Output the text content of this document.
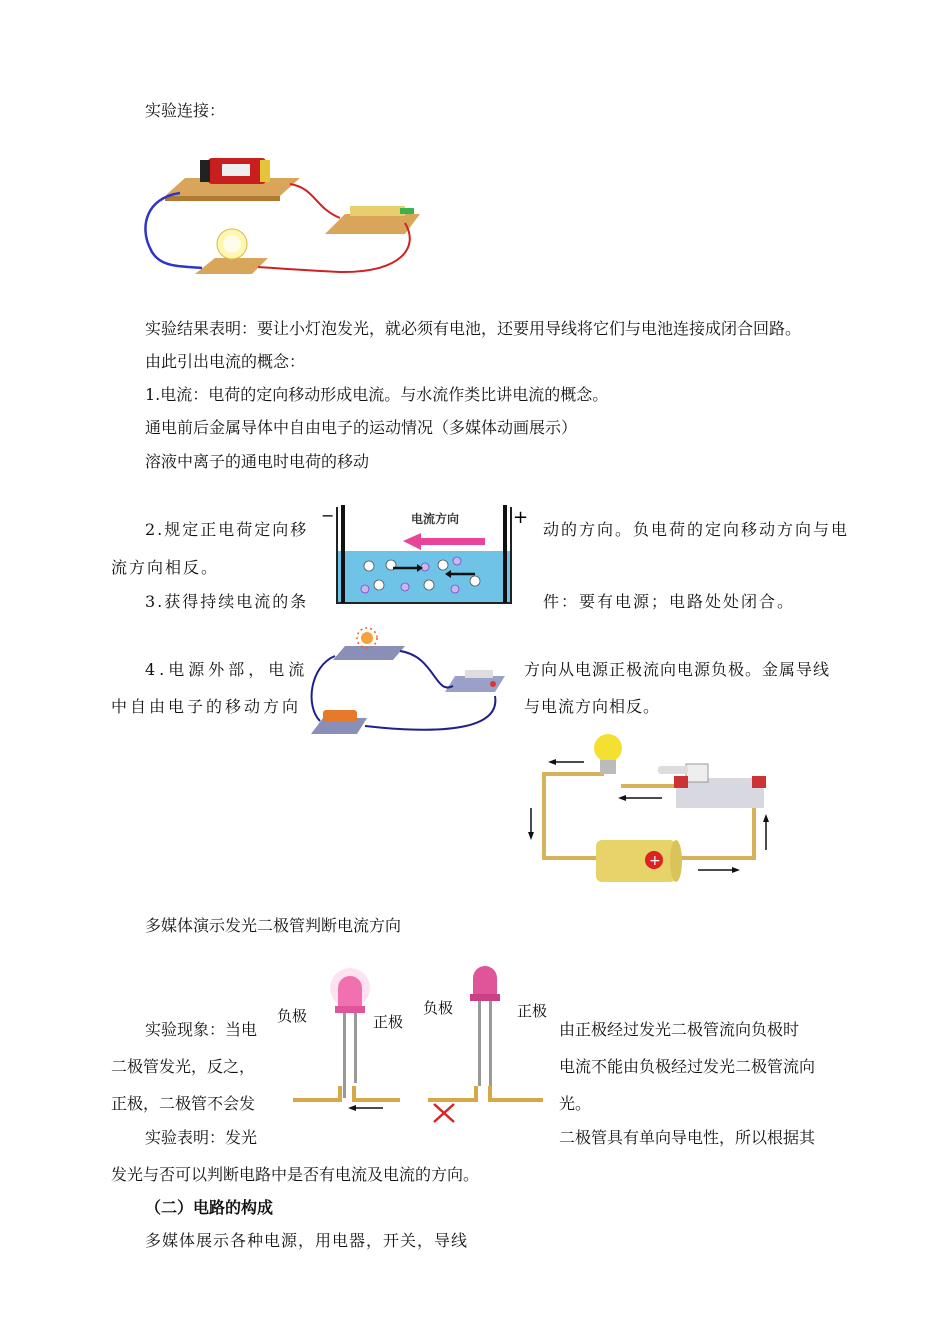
实验连接：
实验结果表明：要让小灯泡发光，就必须有电池，还要用导线将它们与电池连接成闭合回路。
由此引出电流的概念：
1.电流：电荷的定向移动形成电流。与水流作类比讲电流的概念。
通电前后金属导体中自由电子的运动情况（多媒体动画展示）
溶液中离子的通电时电荷的移动
−	+
电流方向
2.规定正电荷定向移	动的方向。负电荷的定向移动方向与电
流方向相反。
3.获得持续电流的条	件：要有电源；电路处处闭合。
4.电源外部，电流	方向从电源正极流向电源负极。金属导线
中自由电子的移动方向	与电流方向相反。
+
多媒体演示发光二极管判断电流方向
负极	正极
负极	正极
实验现象：当电	由正极经过发光二极管流向负极时
二极管发光，反之，	电流不能由负极经过发光二极管流向
正极，二极管不会发	光。
实验表明：发光	二极管具有单向导电性，所以根据其
发光与否可以判断电路中是否有电流及电流的方向。
（二）电路的构成
多媒体展示各种电源，用电器，开关，导线
